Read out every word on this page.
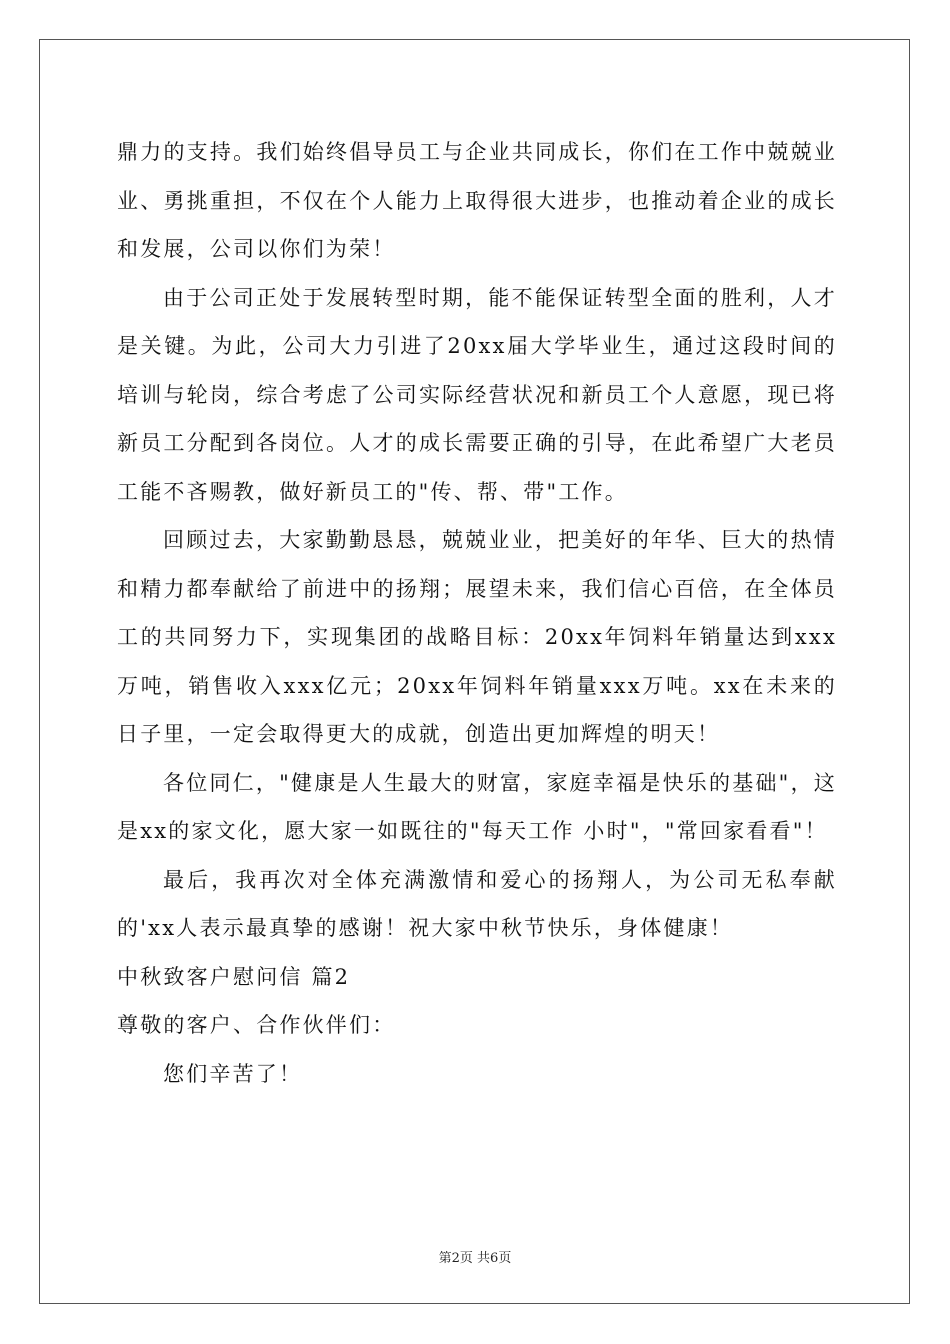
鼎力的支持。我们始终倡导员工与企业共同成长，你们在工作中兢兢业业、勇挑重担，不仅在个人能力上取得很大进步，也推动着企业的成长和发展，公司以你们为荣！

由于公司正处于发展转型时期，能不能保证转型全面的胜利，人才是关键。为此，公司大力引进了20xx届大学毕业生，通过这段时间的培训与轮岗，综合考虑了公司实际经营状况和新员工个人意愿，现已将新员工分配到各岗位。人才的成长需要正确的引导，在此希望广大老员工能不吝赐教，做好新员工的"传、帮、带"工作。

回顾过去，大家勤勤恳恳，兢兢业业，把美好的年华、巨大的热情和精力都奉献给了前进中的扬翔；展望未来，我们信心百倍，在全体员工的共同努力下，实现集团的战略目标：20xx年饲料年销量达到xxx万吨，销售收入xxx亿元；20xx年饲料年销量xxx万吨。xx在未来的日子里，一定会取得更大的成就，创造出更加辉煌的明天！

各位同仁，"健康是人生最大的财富，家庭幸福是快乐的基础"，这是xx的家文化，愿大家一如既往的"每天工作 小时"，"常回家看看"！

最后，我再次对全体充满激情和爱心的扬翔人，为公司无私奉献的'xx人表示最真挚的感谢！祝大家中秋节快乐，身体健康！

中秋致客户慰问信 篇2

尊敬的客户、合作伙伴们：

您们辛苦了！

第2页 共6页
